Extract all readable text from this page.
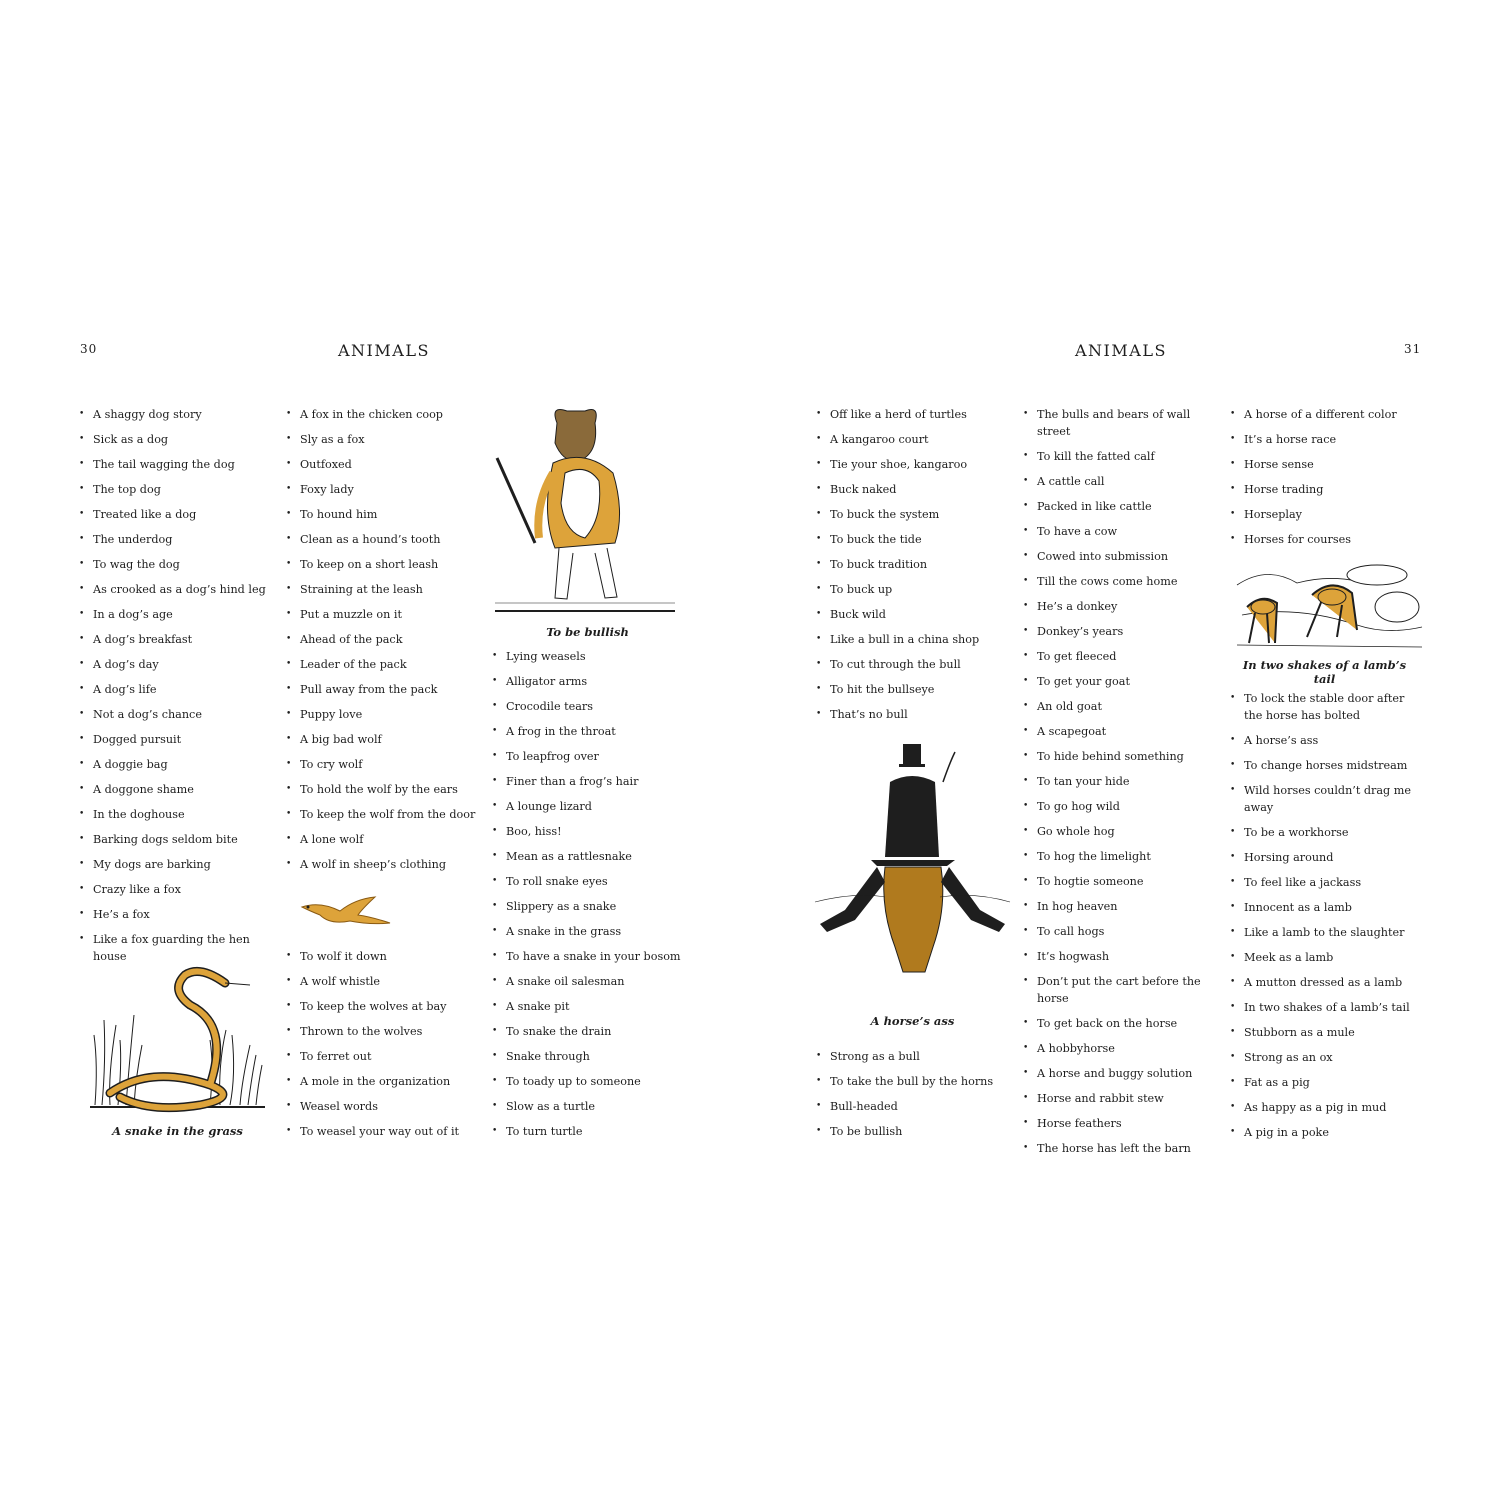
30	ANIMALS
• A shaggy dog story
• Sick as a dog
• The tail wagging the dog
• The top dog
• Treated like a dog
• The underdog
• To wag the dog
• As crooked as a dog’s hind leg
• In a dog’s age
• A dog’s breakfast
• A dog’s day
• A dog’s life
• Not a dog’s chance
• Dogged pursuit
• A doggie bag
• A doggone shame
• In the doghouse
• Barking dogs seldom bite
• My dogs are barking
• Crazy like a fox
• He’s a fox
• Like a fox guarding the hen house
• A fox in the chicken coop
• Sly as a fox
• Outfoxed
• Foxy lady
• To hound him
• Clean as a hound’s tooth
• To keep on a short leash
• Straining at the leash
• Put a muzzle on it
• Ahead of the pack
• Leader of the pack
• Pull away from the pack
• Puppy love
• A big bad wolf
• To cry wolf
• To hold the wolf by the ears
• To keep the wolf from the door
• A lone wolf
• A wolf in sheep’s clothing
• To wolf it down
• A wolf whistle
• To keep the wolves at bay
• Thrown to the wolves
• To ferret out
• A mole in the organization
• Weasel words
• To weasel your way out of it
• Lying weasels
• Alligator arms
• Crocodile tears
• A frog in the throat
• To leapfrog over
• Finer than a frog’s hair
• A lounge lizard
• Boo, hiss!
• Mean as a rattlesnake
• To roll snake eyes
• Slippery as a snake
• A snake in the grass
• To have a snake in your bosom
• A snake oil salesman
• A snake pit
• To snake the drain
• Snake through
• To toady up to someone
• Slow as a turtle
• To turn turtle
A snake in the grass
To be bullish
ANIMALS	31
• Off like a herd of turtles
• A kangaroo court
• Tie your shoe, kangaroo
• Buck naked
• To buck the system
• To buck the tide
• To buck tradition
• To buck up
• Buck wild
• Like a bull in a china shop
• To cut through the bull
• To hit the bullseye
• That’s no bull
• Strong as a bull
• To take the bull by the horns
• Bull-headed
• To be bullish
• The bulls and bears of wall street
• To kill the fatted calf
• A cattle call
• Packed in like cattle
• To have a cow
• Cowed into submission
• Till the cows come home
• He’s a donkey
• Donkey’s years
• To get fleeced
• To get your goat
• An old goat
• A scapegoat
• To hide behind something
• To tan your hide
• To go hog wild
• Go whole hog
• To hog the limelight
• To hogtie someone
• In hog heaven
• To call hogs
• It’s hogwash
• Don’t put the cart before the horse
• To get back on the horse
• A hobbyhorse
• A horse and buggy solution
• Horse and rabbit stew
• Horse feathers
• The horse has left the barn
• A horse of a different color
• It’s a horse race
• Horse sense
• Horse trading
• Horseplay
• Horses for courses
• To lock the stable door after the horse has bolted
• A horse’s ass
• To change horses midstream
• Wild horses couldn’t drag me away
• To be a workhorse
• Horsing around
• To feel like a jackass
• Innocent as a lamb
• Like a lamb to the slaughter
• Meek as a lamb
• A mutton dressed as a lamb
• In two shakes of a lamb’s tail
• Stubborn as a mule
• Strong as an ox
• Fat as a pig
• As happy as a pig in mud
• A pig in a poke
In two shakes of a lamb’s tail
A horse’s ass
